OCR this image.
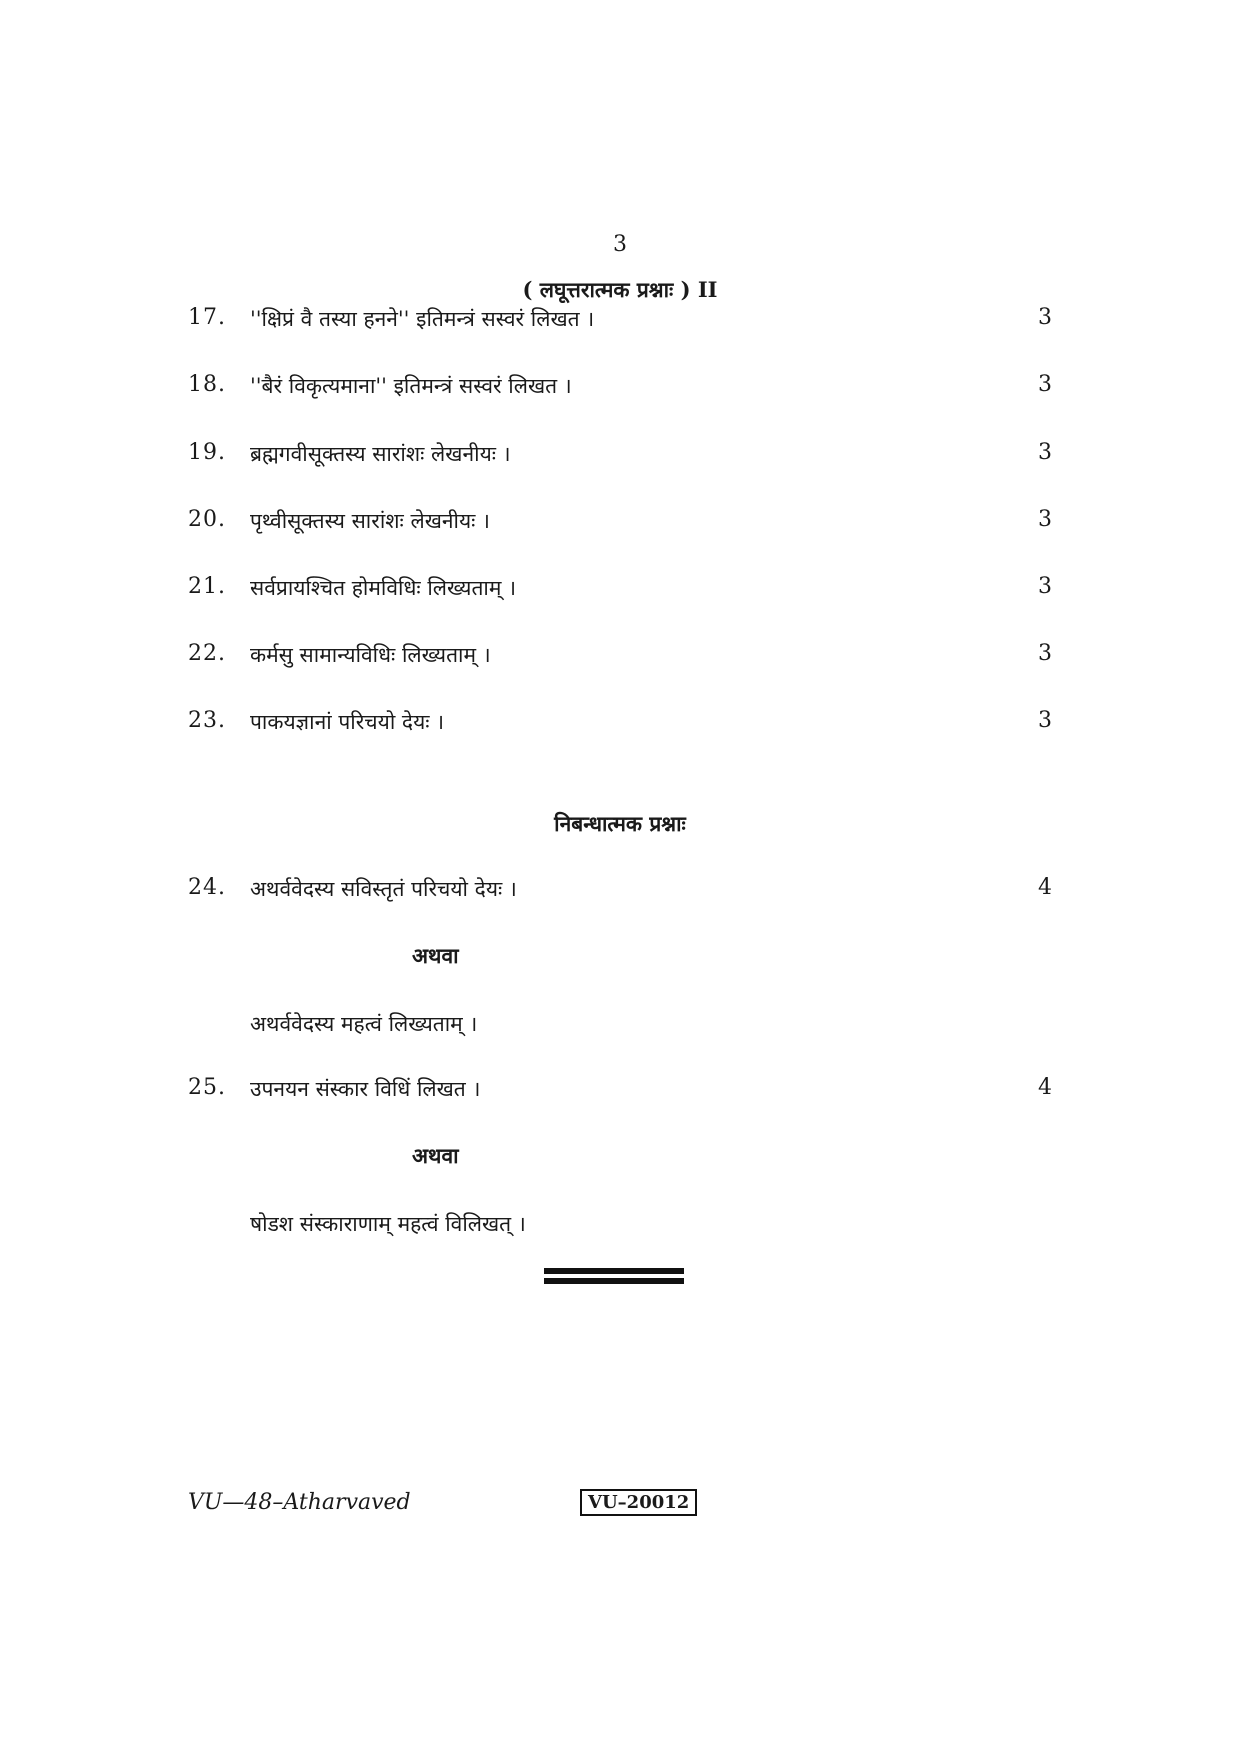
3
( लघूत्तरात्मक प्रश्नाः ) II
17. ''क्षिप्रं वै तस्या हनने'' इतिमन्त्रं सस्वरं लिखत ।	3
18. ''बैरं विकृत्यमाना'' इतिमन्त्रं सस्वरं लिखत ।	3
19. ब्रह्मगवीसूक्तस्य सारांशः लेखनीयः ।	3
20. पृथ्वीसूक्तस्य सारांशः लेखनीयः ।	3
21. सर्वप्रायश्चित होमविधिः लिख्यताम् ।	3
22. कर्मसु सामान्यविधिः लिख्यताम् ।	3
23. पाकयज्ञानां परिचयो देयः ।	3
निबन्धात्मक प्रश्नाः
24. अथर्ववेदस्य सविस्तृतं परिचयो देयः ।	4
अथवा
अथर्ववेदस्य महत्वं लिख्यताम् ।
25. उपनयन संस्कार विधिं लिखत ।	4
अथवा
षोडश संस्काराणाम् महत्वं विलिखत् ।
VU—48–Atharvaved	VU–20012
